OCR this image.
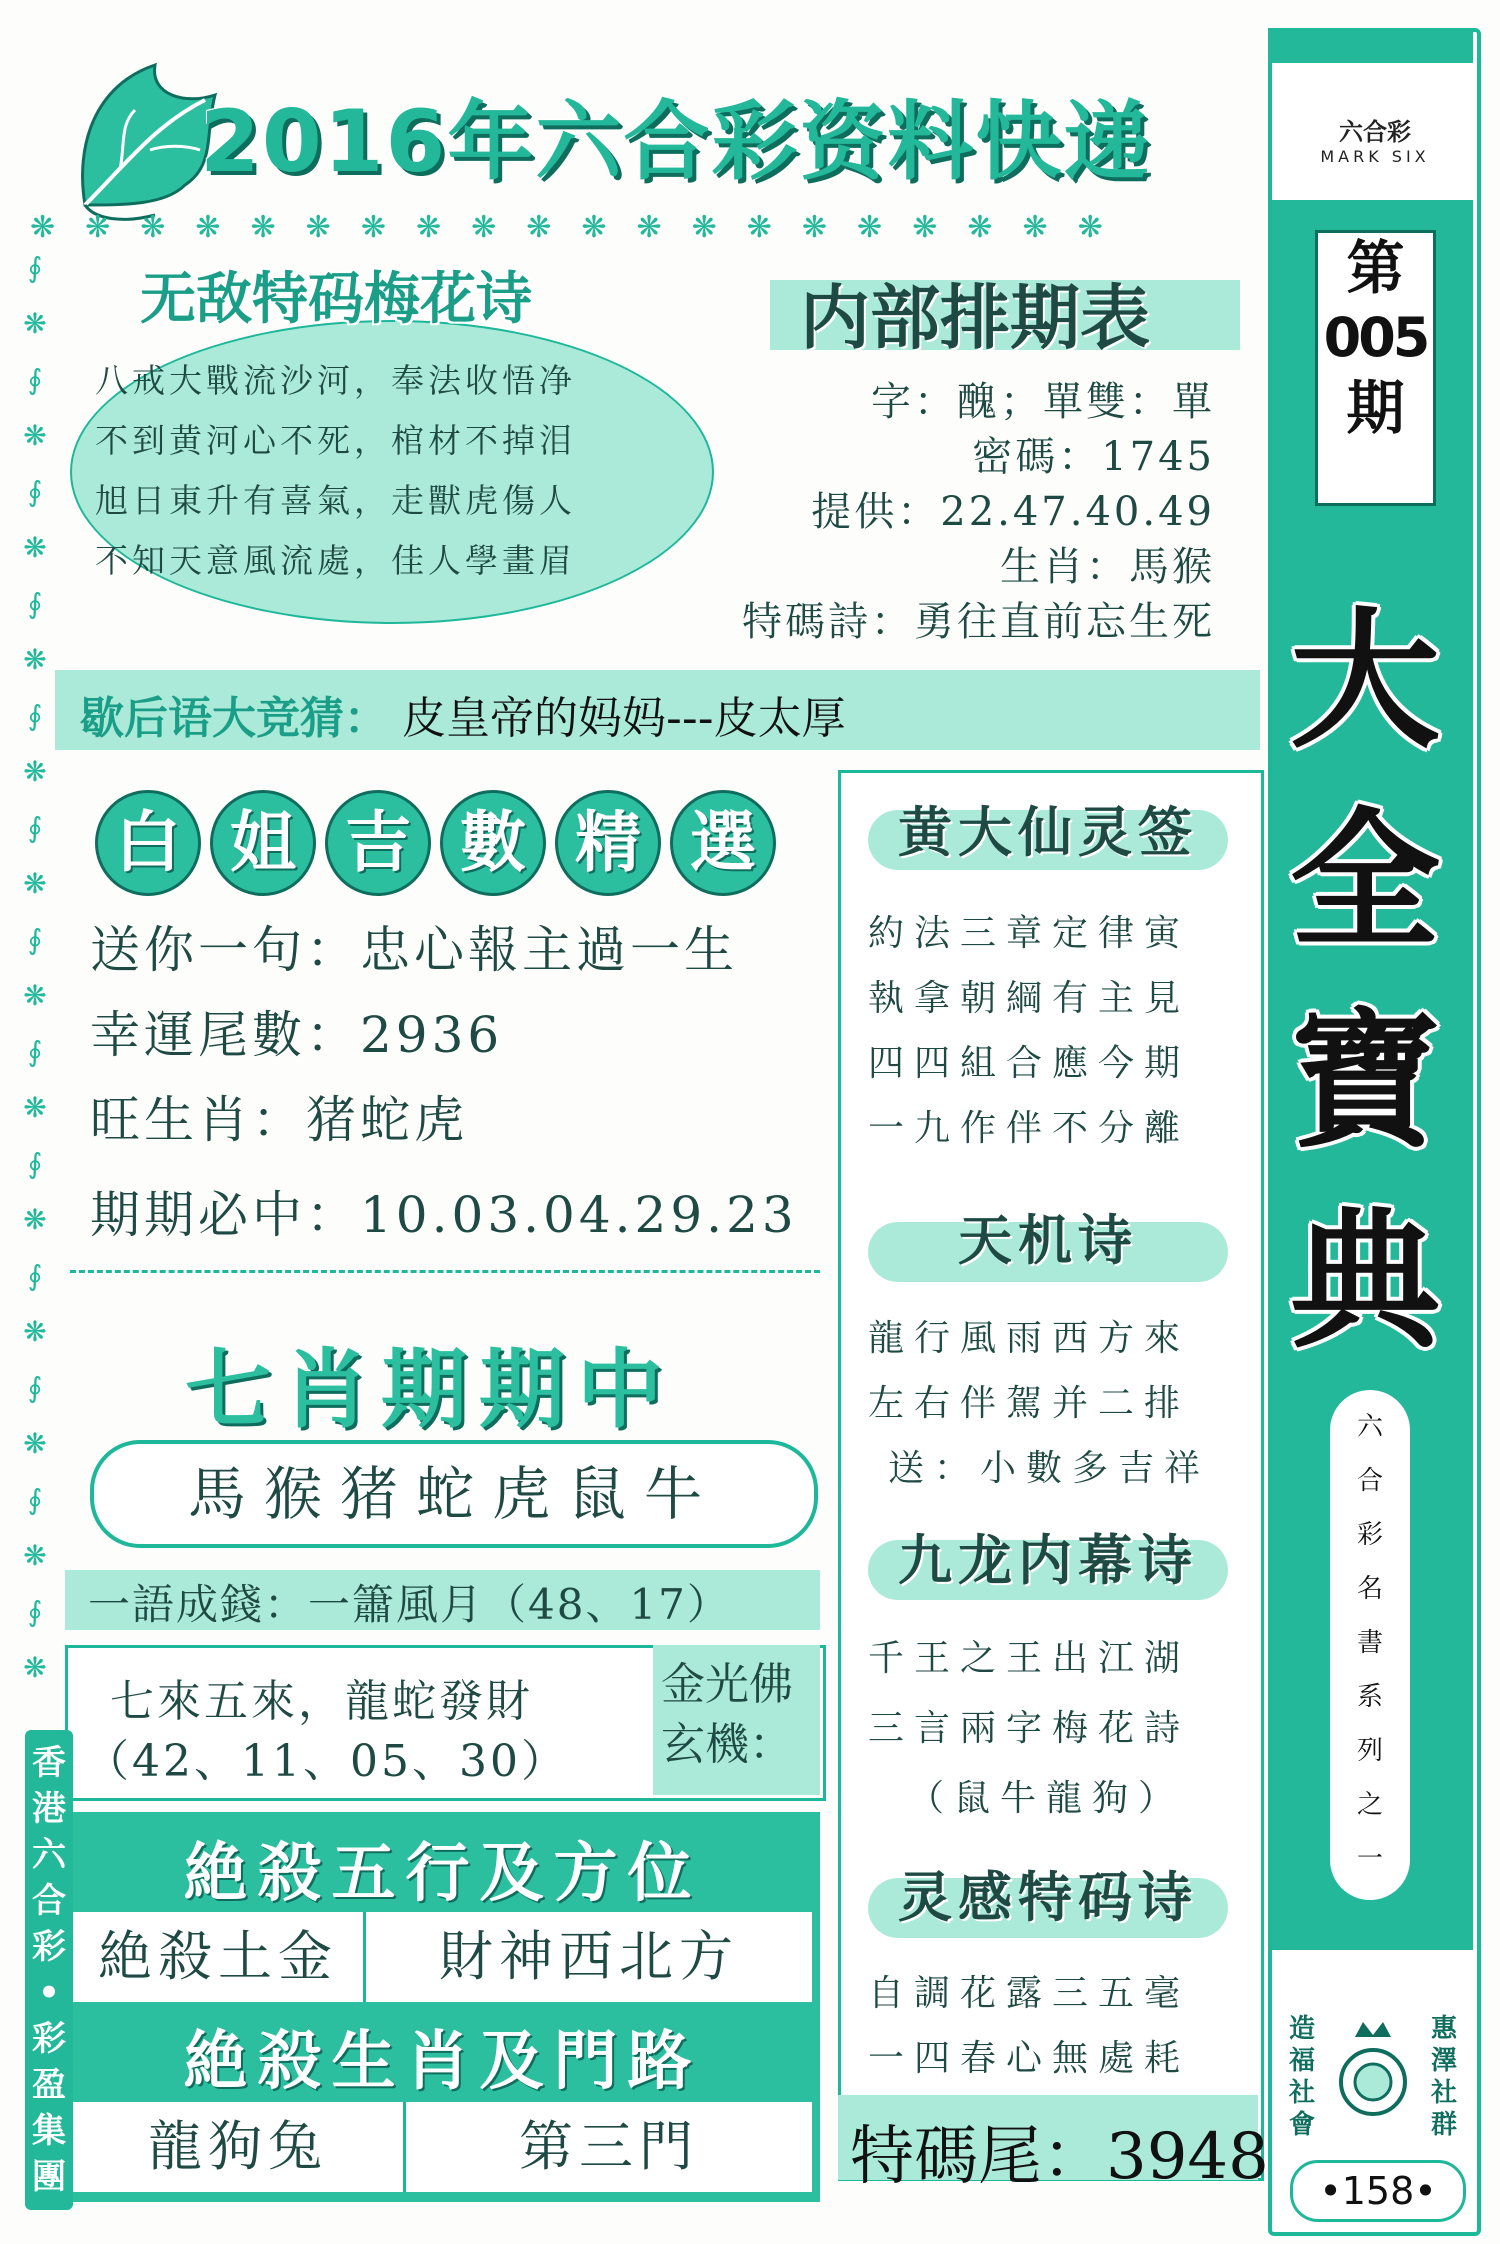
2016年六合彩资料快递
❋❋❋❋❋❋❋❋❋❋❋❋❋❋❋❋❋❋❋❋
∮
❋
∮
❋
∮
❋
∮
❋
∮
❋
∮
❋
∮
❋
∮
❋
∮
❋
∮
❋
∮
❋
∮
❋
∮
❋
六合彩
MARK SIX
第
005
期
大
全
寶
典
六
合
彩
名
書
系
列
之
一
造
福
社
會
惠
澤
社
群
•158•
无敌特码梅花诗
八戒大戰流沙河，奉法收悟净
不到黄河心不死，棺材不掉泪
旭日東升有喜氣，走獸虎傷人
不知天意風流處，佳人學畫眉
内部排期表
字：醜；單雙：單
密碼：1745
提供：22.47.40.49
生肖：馬猴
特碼詩：勇往直前忘生死
歇后语大竞猜： 皮皇帝的妈妈---皮太厚
白 姐 吉 數 精 選
送你一句：忠心報主過一生
幸運尾數：2936
旺生肖：猪蛇虎
期期必中：10.03.04.29.23
七肖期期中
馬猴猪蛇虎鼠牛
一語成錢：一簫風月（48、17）
金光佛
玄機：
七來五來，龍蛇發財
（42、11、05、30）
絶殺五行及方位
絶殺土金	財神西北方
絶殺生肖及門路
龍狗兔	第三門
香
港
六
合
彩
•
彩
盈
集
團
黄大仙灵签
約法三章定律寅
執拿朝綱有主見
四四組合應今期
一九作伴不分離
天机诗
龍行風雨西方來
左右伴駕并二排
送：小數多吉祥
九龙内幕诗
千王之王出江湖
三言兩字梅花詩
（鼠牛龍狗）
灵感特码诗
自調花露三五毫
一四春心無處耗
特碼尾：3948
